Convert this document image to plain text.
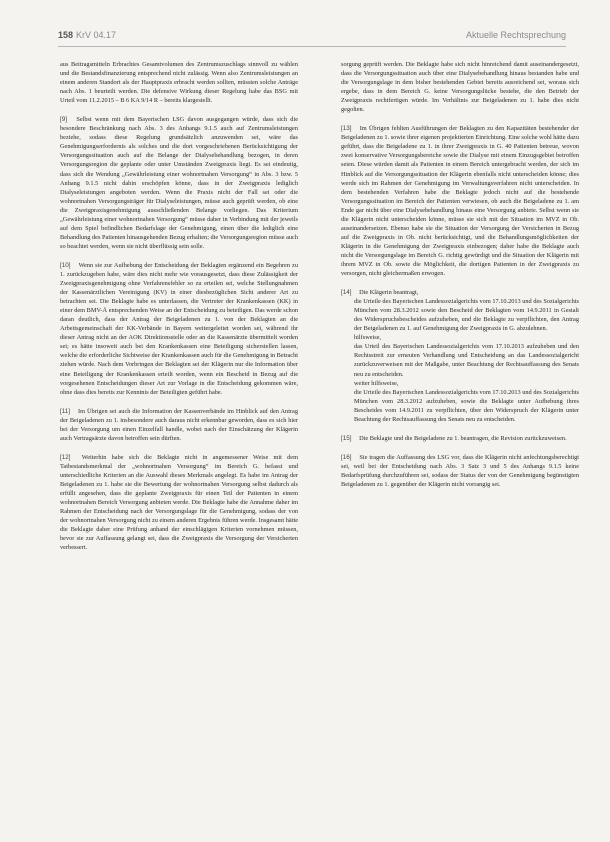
158 KrV 04.17	Aktuelle Rechtsprechung

aus Beitragsmitteln Erbrachtes Gesamtvolumen des Zentrumszuschlags sinnvoll zu wählen und die Bestandsfinanzierung entsprechend nicht zulässig. Wenn also Zentrumsleistungen an einem anderen Standort als der Hauptpraxis erbracht werden sollten, müssten solche Anträge nach Abs. 1 beurteilt werden. Die defensive Wirkung dieser Regelung habe das BSG mit Urteil vom 11.2.2015 – B 6 KA 9/14 R – bereits klargestellt.

[9] Selbst wenn mit dem Bayerischen LSG davon ausgegangen würde, dass sich die besondere Beschränkung nach Abs. 3 des Anhangs 9.1.5 auch auf Zentrumsleistungen beziehe, sodass diese Regelung grundsätzlich anzuwenden sei, wäre das Genehmigungserfordernis als solches und die dort vorgeschriebenen Berücksichtigung der Versorgungssituation auch auf die Belange der Dialysebehandlung bezogen, in deren Versorgungsregion die geplante oder unter Umständen Zweigpraxis liegt. Es sei eindeutig, dass sich die Wendung „Gewährleistung einer wohnortnahen Versorgung“ in Abs. 3 bzw. 5 Anhang 9.1.5 nicht dahin erschöpfen könne, dass in der Zweigpraxis lediglich Dialyseleistungen angeboten werden. Wenn die Praxis nicht der Fall sei oder die wohnortnahen Versorgungsträger für Dialyseleistungen, müsse auch geprüft werden, ob eine die Zweigpraxisgenehmigung ausschließenden Belange vorliegen. Das Kriterium „Gewährleistung einer wohnortnahen Versorgung“ müsse daher in Verbindung mit der jeweils auf dem Spiel befindlichen Bedarfslage der Genehmigung, einen über die lediglich eine Behandlung des Patienten hinausgehenden Bezug erhalten; die Versorgungsregion müsse auch so beachtet werden, wenn sie nicht überflüssig sein solle.

[10] Wenn sie zur Aufhebung der Entscheidung der Beklagten ergänzend ein Begehren zu 1. zurückzugeben habe, wäre dies nicht mehr wie vorausgesetzt, dass diese Zulässigkeit der Zweigpraxisgenehmigung ohne Verfahrensfehler so zu erteilen sei, welche Stellungnahmen der Kassenärztlichen Vereinigung (KV) in einer diesbezüglichen Sicht anderer Art zu betrachten sei. Die Beklagte habe es unterlassen, die Vertreter der Krankenkassen (KK) in einer dem BMV-Ä entsprechenden Weise an der Entscheidung zu beteiligen. Das werde schon daran deutlich, dass der Antrag der Beigeladenen zu 1. von der Beklagten an die Arbeitsgemeinschaft der KK-Verbände in Bayern weitergeleitet worden sei, während ihr dieser Antrag nicht an der AOK Direktionsstelle oder an die Kassenärzte übermittelt worden sei; es hätte insoweit auch bei den Krankenkassen eine Beteiligung sicherstellen lassen, welche die erforderliche Sichtweise der Krankenkassen auch für die Genehmigung in Betracht ziehen würde. Nach dem Vorbringen der Beklagten sei der Klägerin nur die Information über eine Beteiligung der Krankenkassen erteilt worden, wenn ein Bescheid in Bezug auf die vorgesehenen Entscheidungen dieser Art zur Vorlage in die Entscheidung gekommen wäre, ohne dass dies bereits zur Kenntnis der Beteiligten geführt habe.

[11] Im Übrigen sei auch die Information der Kassenverbände im Hinblick auf den Antrag der Beigeladenen zu 1. insbesondere auch daraus nicht erkennbar geworden, dass es sich hier bei der Versorgung um einen Einzelfall handle, wobei nach der Einschätzung der Klägerin auch Vertragsärzte davon betroffen sein dürften.

[12] Weiterhin habe sich die Beklagte nicht in angemessener Weise mit dem Tatbestandsmerkmal der „wohnortnahen Versorgung“ im Bereich G. befasst und unterschiedliche Kriterien an die Auswahl dieses Merkmals angelegt. Es habe im Antrag der Beigeladenen zu 1. habe sie die Bewertung der wohnortnahen Versorgung selbst dadurch als erfüllt angesehen, dass die geplante Zweigpraxis für einen Teil der Patienten in einem wohnortnahen Bereich Versorgung anbieten werde. Die Beklagte habe die Annahme daher im Rahmen der Entscheidung nach der Versorgungslage für die Genehmigung, sodass der von der wohnortnahen Versorgung nicht zu einem anderen Ergebnis führen werde. Insgesamt hätte die Beklagte daher eine Prüfung anhand der einschlägigen Kriterien vornehmen müssen, bevor sie zur Auffassung gelangt sei, dass die Zweigpraxis die Versorgung der Versicherten verbessert.

sorgung geprüft werden. Die Beklagte habe sich nicht hinreichend damit auseinandergesetzt, dass die Versorgungssituation auch über eine Dialysebehandlung hinaus bestanden habe und die Versorgungslage in dem bisher bestehenden Gebiet bereits ausreichend sei, woraus sich ergebe, dass in dem Bereich G. keine Versorgungslücke bestehe, die den Betrieb der Zweigpraxis rechtfertigen würde. Im Verhältnis zur Beigeladenen zu 1. habe dies nicht gegolten.

[13] Im Übrigen fehlten Ausführungen der Beklagten zu den Kapazitäten bestehender der Beigeladenen zu 1. sowie ihrer eigenen projektierten Einrichtung. Eine solche wohl hätte dazu geführt, dass die Beigeladene zu 1. in ihrer Zweigpraxis in G. 40 Patienten betreue, wovon zwei konservative Versorgungsbereiche sowie die Dialyse mit einem Einzugsgebiet betroffen seien. Diese würden damit als Patienten in einem Bereich untergebracht werden, der sich im Hinblick auf die Versorgungssituation der Klägerin ebenfalls nicht unterscheiden könne; dies werde sich im Rahmen der Genehmigung im Verwaltungsverfahren nicht unterscheiden. In dem bestehenden Verfahren habe die Beklagte jedoch nicht auf die bestehende Versorgungssituation im Bereich der Patienten verwiesen, ob auch die Beigeladene zu 1. am Ende gar nicht über eine Dialysebehandlung hinaus eine Versorgung anbiete. Selbst wenn sie die Klägerin nicht unterscheiden könne, müsse sie sich mit der Situation im MVZ in Ob. auseinandersetzen. Ebenso habe sie die Situation der Versorgung der Versicherten in Bezug auf die Zweigpraxis in Ob. nicht berücksichtigt, und die Behandlungsmöglichkeiten der Klägerin in die Genehmigung der Zweigpraxis einbezogen; daher habe die Beklagte auch nicht die Versorgungslage im Bereich G. richtig gewürdigt und die Situation der Klägerin mit ihrem MVZ in Ob. sowie die Möglichkeit, die dortigen Patienten in der Zweigpraxis zu versorgen, nicht gleichermaßen erwogen.

[14] Die Klägerin beantragt,

die Urteile des Bayerischen Landessozialgerichts vom 17.10.2013 und des Sozialgerichts München vom 28.3.2012 sowie den Bescheid der Beklagten vom 14.9.2011 in Gestalt des Widerspruchsbescheides aufzuheben, und die Beklagte zu verpflichten, den Antrag der Beigeladenen zu 1. auf Genehmigung der Zweigpraxis in G. abzulehnen.
hilfsweise,
das Urteil des Bayerischen Landessozialgerichts vom 17.10.2013 aufzuheben und den Rechtsstreit zur erneuten Verhandlung und Entscheidung an das Landessozialgericht zurückzuverweisen mit der Maßgabe, unter Beachtung der Rechtsauffassung des Senats neu zu entscheiden.
weiter hilfsweise,
die Urteile des Bayerischen Landessozialgerichts vom 17.10.2013 und des Sozialgerichts München vom 28.3.2012 aufzuheben, sowie die Beklagte unter Aufhebung ihres Bescheides vom 14.9.2011 zu verpflichten, über den Widerspruch der Klägerin unter Beachtung der Rechtsauffassung des Senats neu zu entscheiden.
[15] Die Beklagte und die Beigeladene zu 1. beantragen, die Revision zurückzuweisen.

[16] Sie tragen die Auffassung des LSG vor, dass die Klägerin nicht anfechtungsberechtigt sei, weil bei der Entscheidung nach Abs. 3 Satz 3 und 5 des Anhangs 9.1.5 keine Bedarfsprüfung durchzuführen sei, sodass der Status der von der Genehmigung begünstigten Beigeladenen zu 1. gegenüber der Klägerin nicht vorrangig sei.
